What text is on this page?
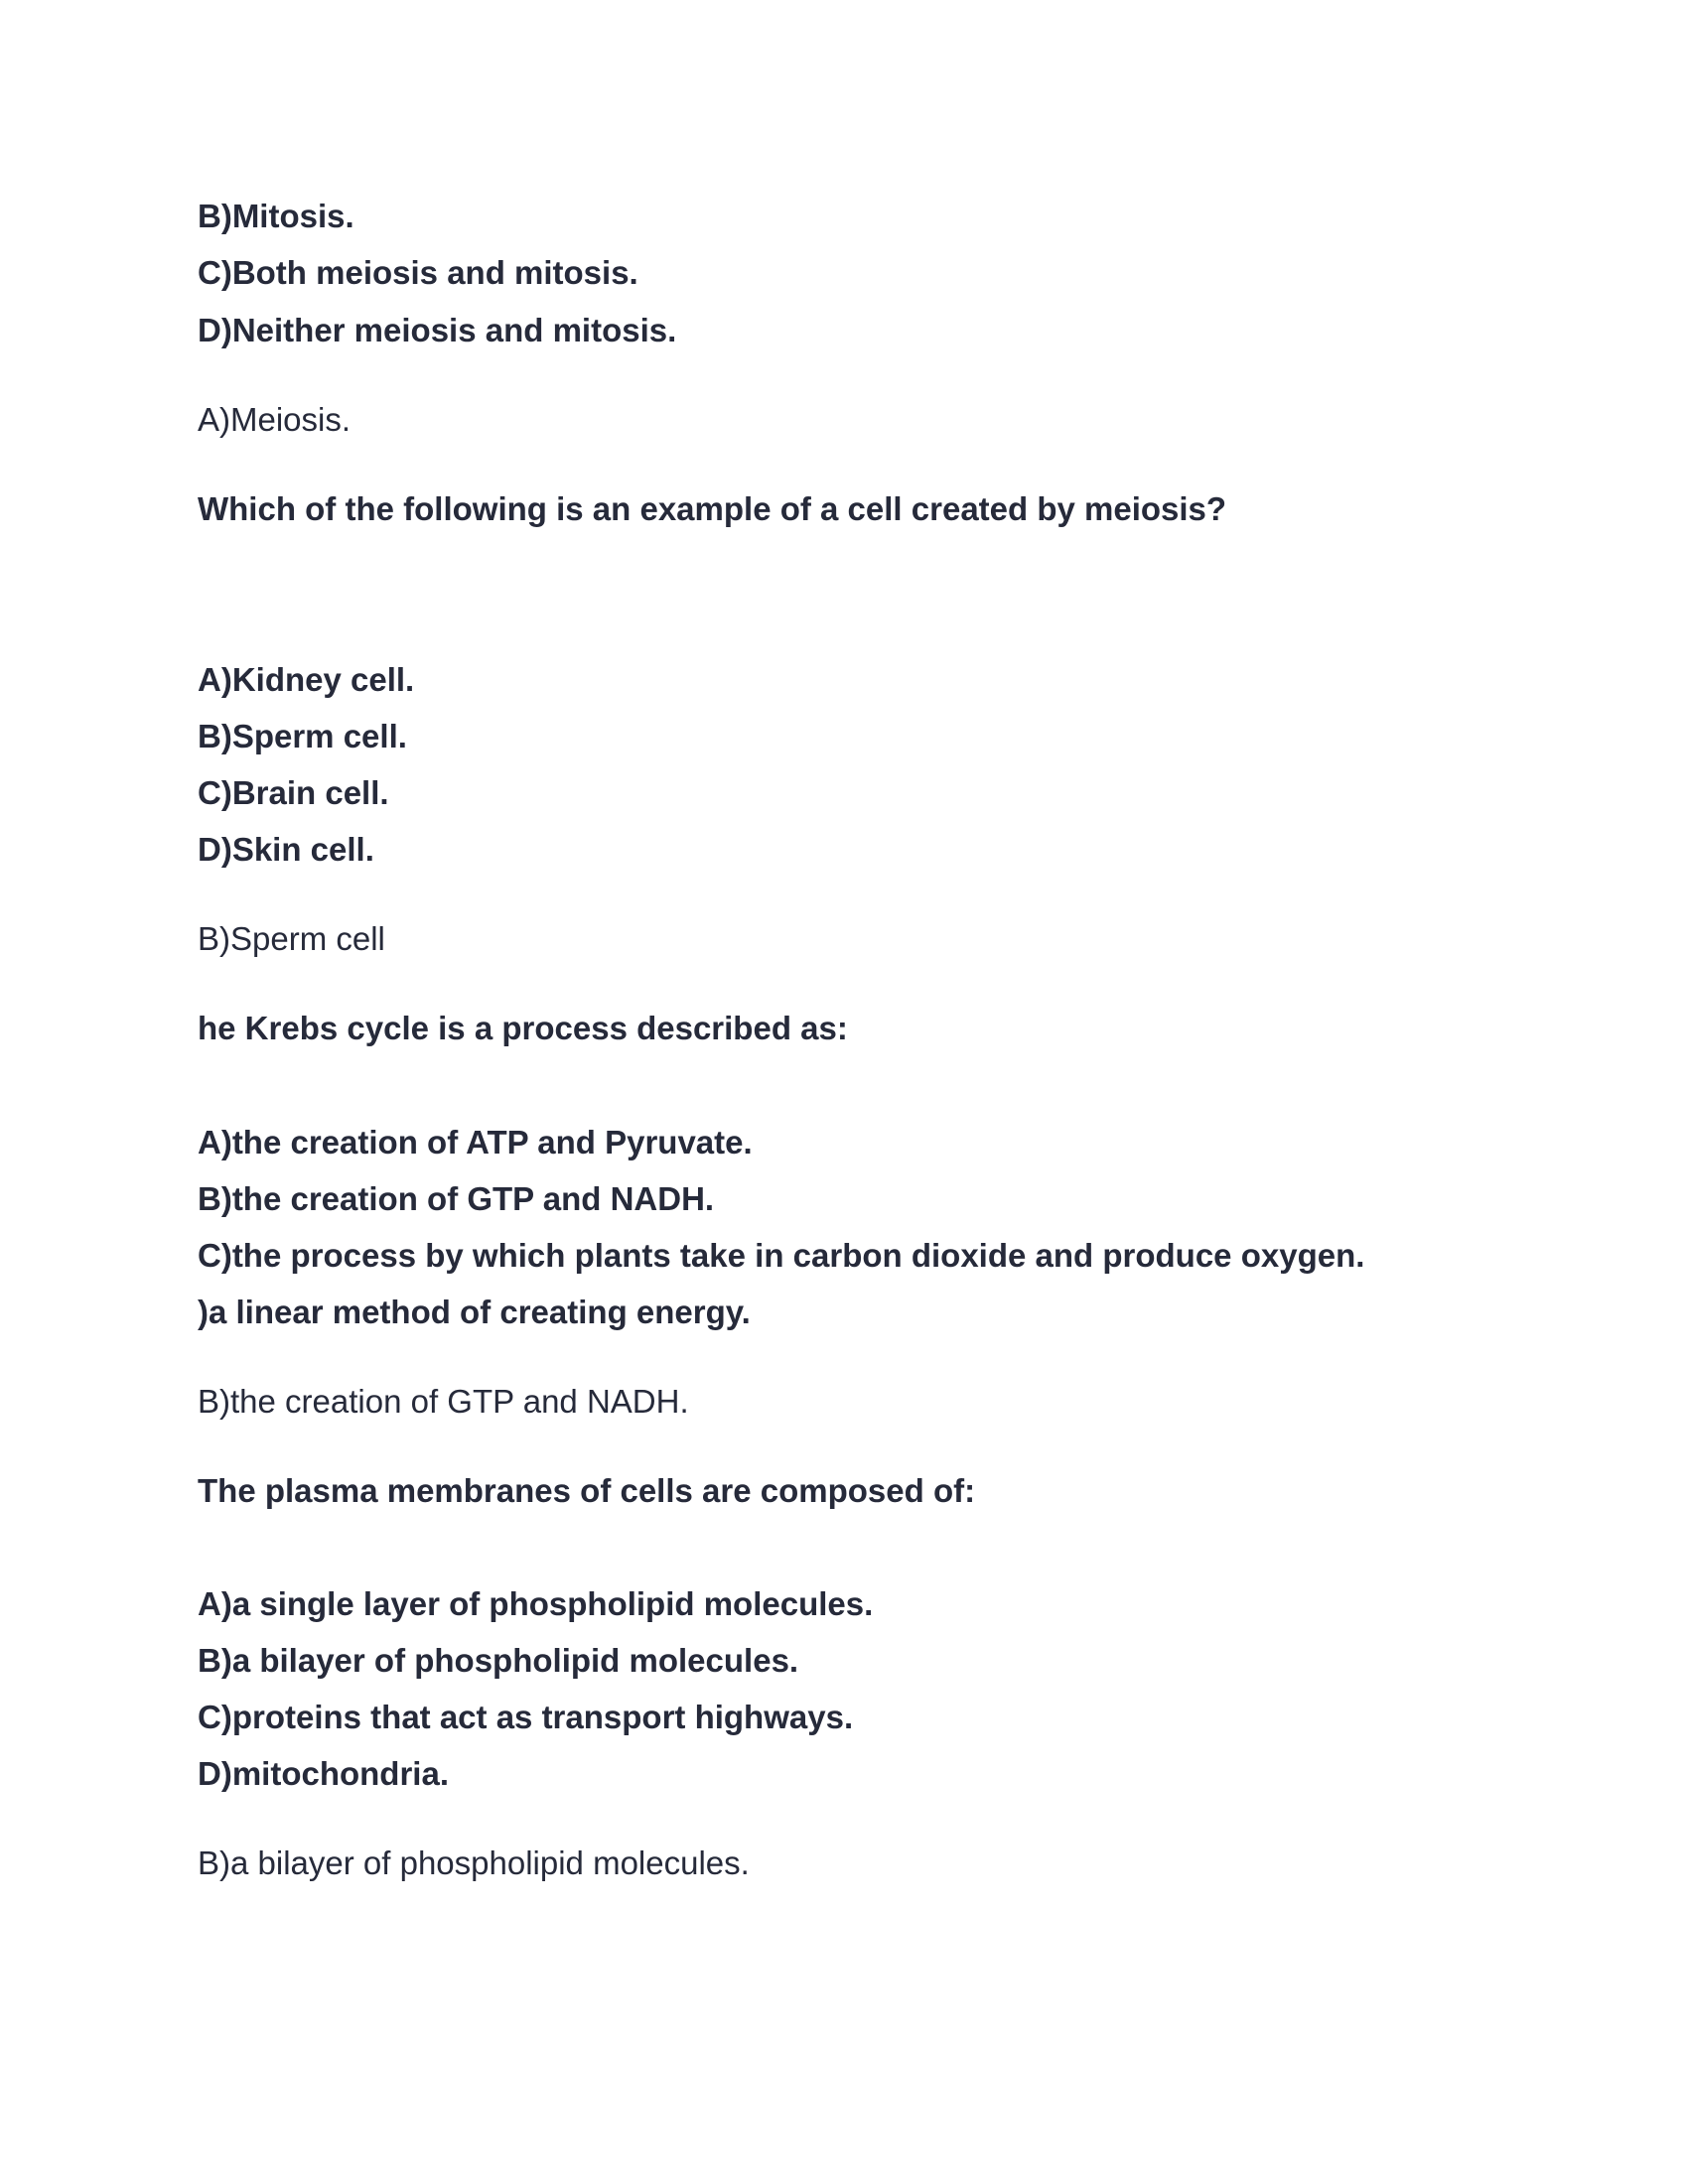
B)Mitosis.

C)Both meiosis and mitosis.

D)Neither meiosis and mitosis.

A)Meiosis.

Which of the following is an example of a cell created by meiosis?

A)Kidney cell.

B)Sperm cell.

C)Brain cell.

D)Skin cell.

B)Sperm cell

he Krebs cycle is a process described as:

A)the creation of ATP and Pyruvate.

B)the creation of GTP and NADH.

C)the process by which plants take in carbon dioxide and produce oxygen.

)a linear method of creating energy.

B)the creation of GTP and NADH.

The plasma membranes of cells are composed of:

A)a single layer of phospholipid molecules.

B)a bilayer of phospholipid molecules.

C)proteins that act as transport highways.

D)mitochondria.

B)a bilayer of phospholipid molecules.
